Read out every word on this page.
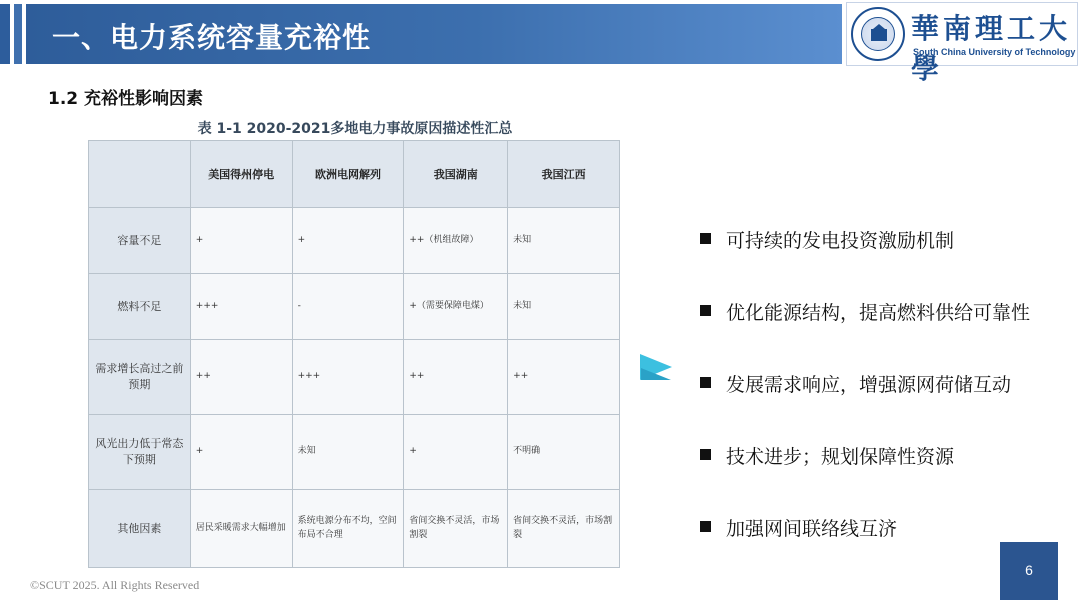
一、电力系统容量充裕性	華南理工大學
South China University of Technology
1.2 充裕性影响因素
表 1-1 2020-2021多地电力事故原因描述性汇总
	美国得州停电	欧洲电网解列	我国湖南	我国江西
容量不足	+	+	++（机组故障）	未知
燃料不足	+++	-	+（需要保障电煤）	未知
需求增长高过之前预期	++	+++	++	++
风光出力低于常态下预期	+	未知	+	不明确
其他因素	居民采暖需求大幅增加	系统电源分布不均，空间布局不合理	省间交换不灵活，市场割裂	省间交换不灵活，市场割裂
可持续的发电投资激励机制
优化能源结构，提高燃料供给可靠性
发展需求响应，增强源网荷储互动
技术进步；规划保障性资源
加强网间联络线互济
©SCUT 2025. All Rights Reserved
6
